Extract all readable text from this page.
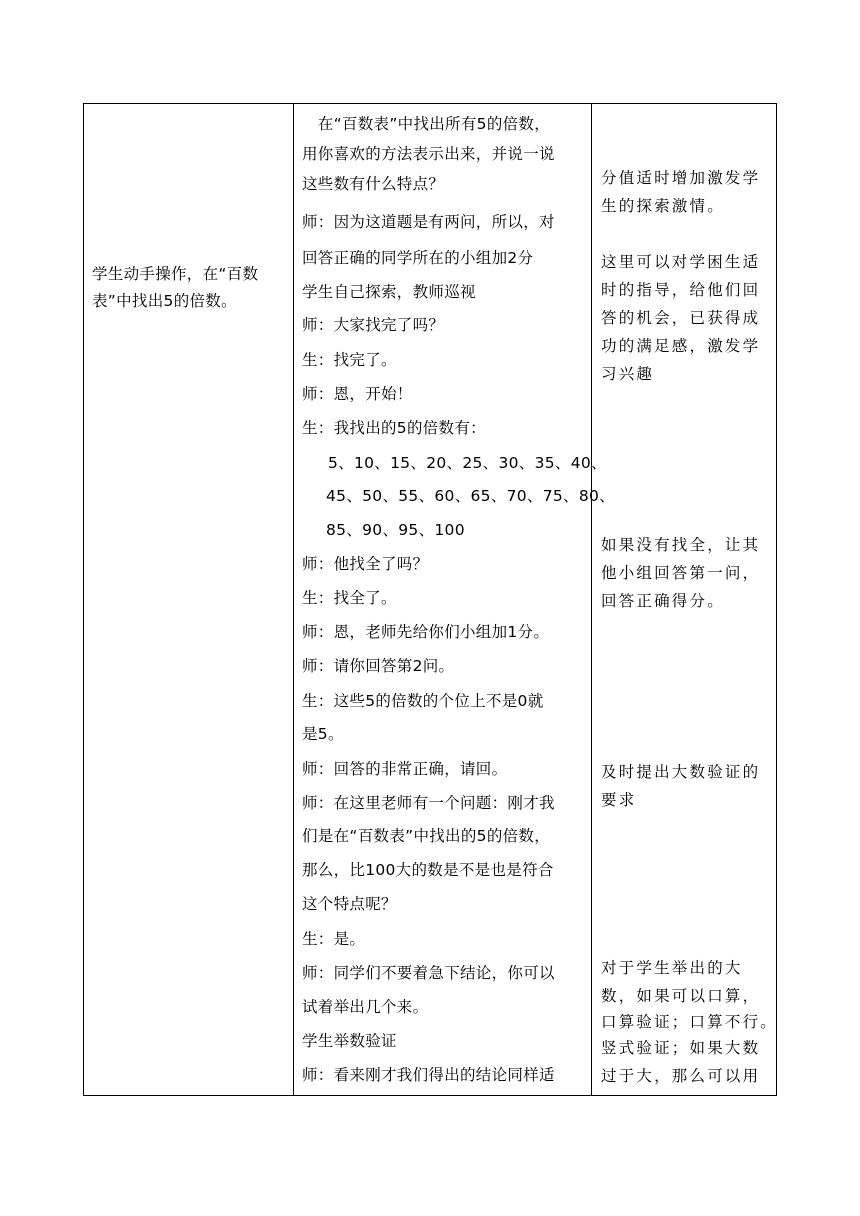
学生动手操作，在“百数
表”中找出5的倍数。
　在“百数表”中找出所有5的倍数，
用你喜欢的方法表示出来，并说一说
这些数有什么特点？
师：因为这道题是有两问，所以，对
回答正确的同学所在的小组加2分
学生自己探索，教师巡视
师：大家找完了吗？
生：找完了。
师：恩，开始！
生：我找出的5的倍数有：
5、10、15、20、25、30、35、40、
45、50、55、60、65、70、75、80、
85、90、95、100
师：他找全了吗？
生：找全了。
师：恩，老师先给你们小组加1分。
师：请你回答第2问。
生：这些5的倍数的个位上不是0就
是5。
师：回答的非常正确，请回。
师：在这里老师有一个问题：刚才我
们是在“百数表”中找出的5的倍数，
那么，比100大的数是不是也是符合
这个特点呢？
生：是。
师：同学们不要着急下结论，你可以
试着举出几个来。
学生举数验证
师：看来刚才我们得出的结论同样适
分值适时增加激发学
生的探索激情。
这里可以对学困生适
时的指导，给他们回
答的机会，已获得成
功的满足感，激发学
习兴趣
如果没有找全，让其
他小组回答第一问，
回答正确得分。
及时提出大数验证的
要求
对于学生举出的大
数，如果可以口算，
口算验证；口算不行。
竖式验证；如果大数
过于大，那么可以用
